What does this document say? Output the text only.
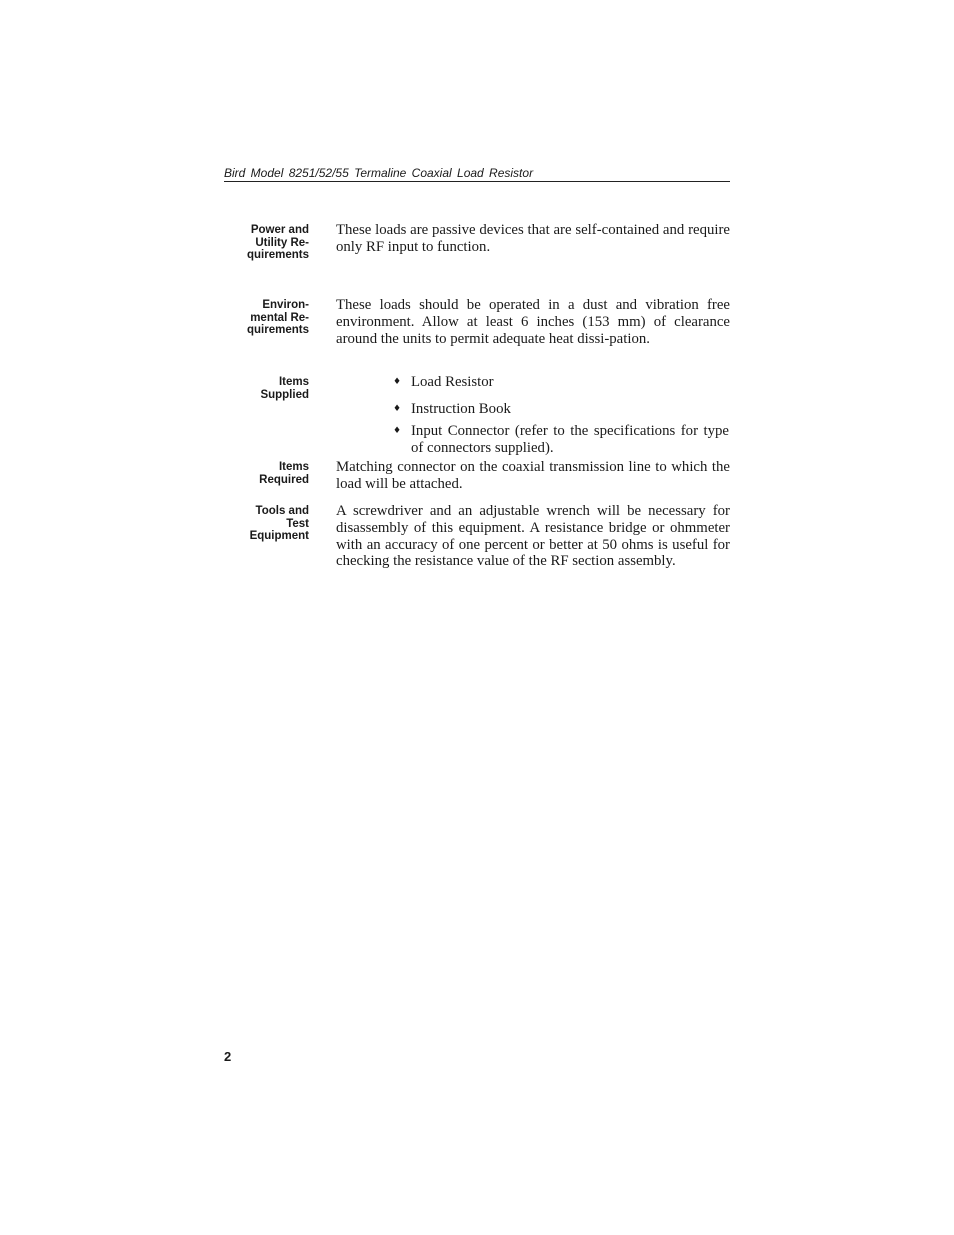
Bird Model 8251/52/55 Termaline Coaxial Load Resistor
Power and
Utility Re-
quirements
These loads are passive devices that are self-contained and require only RF input to function.
Environ-
mental Re-
quirements
These loads should be operated in a dust and vibration free environment. Allow at least 6 inches (153 mm) of clearance around the units to permit adequate heat dissi-pation.
Items
Supplied
♦ Load Resistor
♦ Instruction Book
♦ Input Connector (refer to the specifications for type of connectors supplied).
Items
Required
Matching connector on the coaxial transmission line to which the load will be attached.
Tools and
Test
Equipment
A screwdriver and an adjustable wrench will be necessary for disassembly of this equipment. A resistance bridge or ohmmeter with an accuracy of one percent or better at 50 ohms is useful for checking the resistance value of the RF section assembly.
2
